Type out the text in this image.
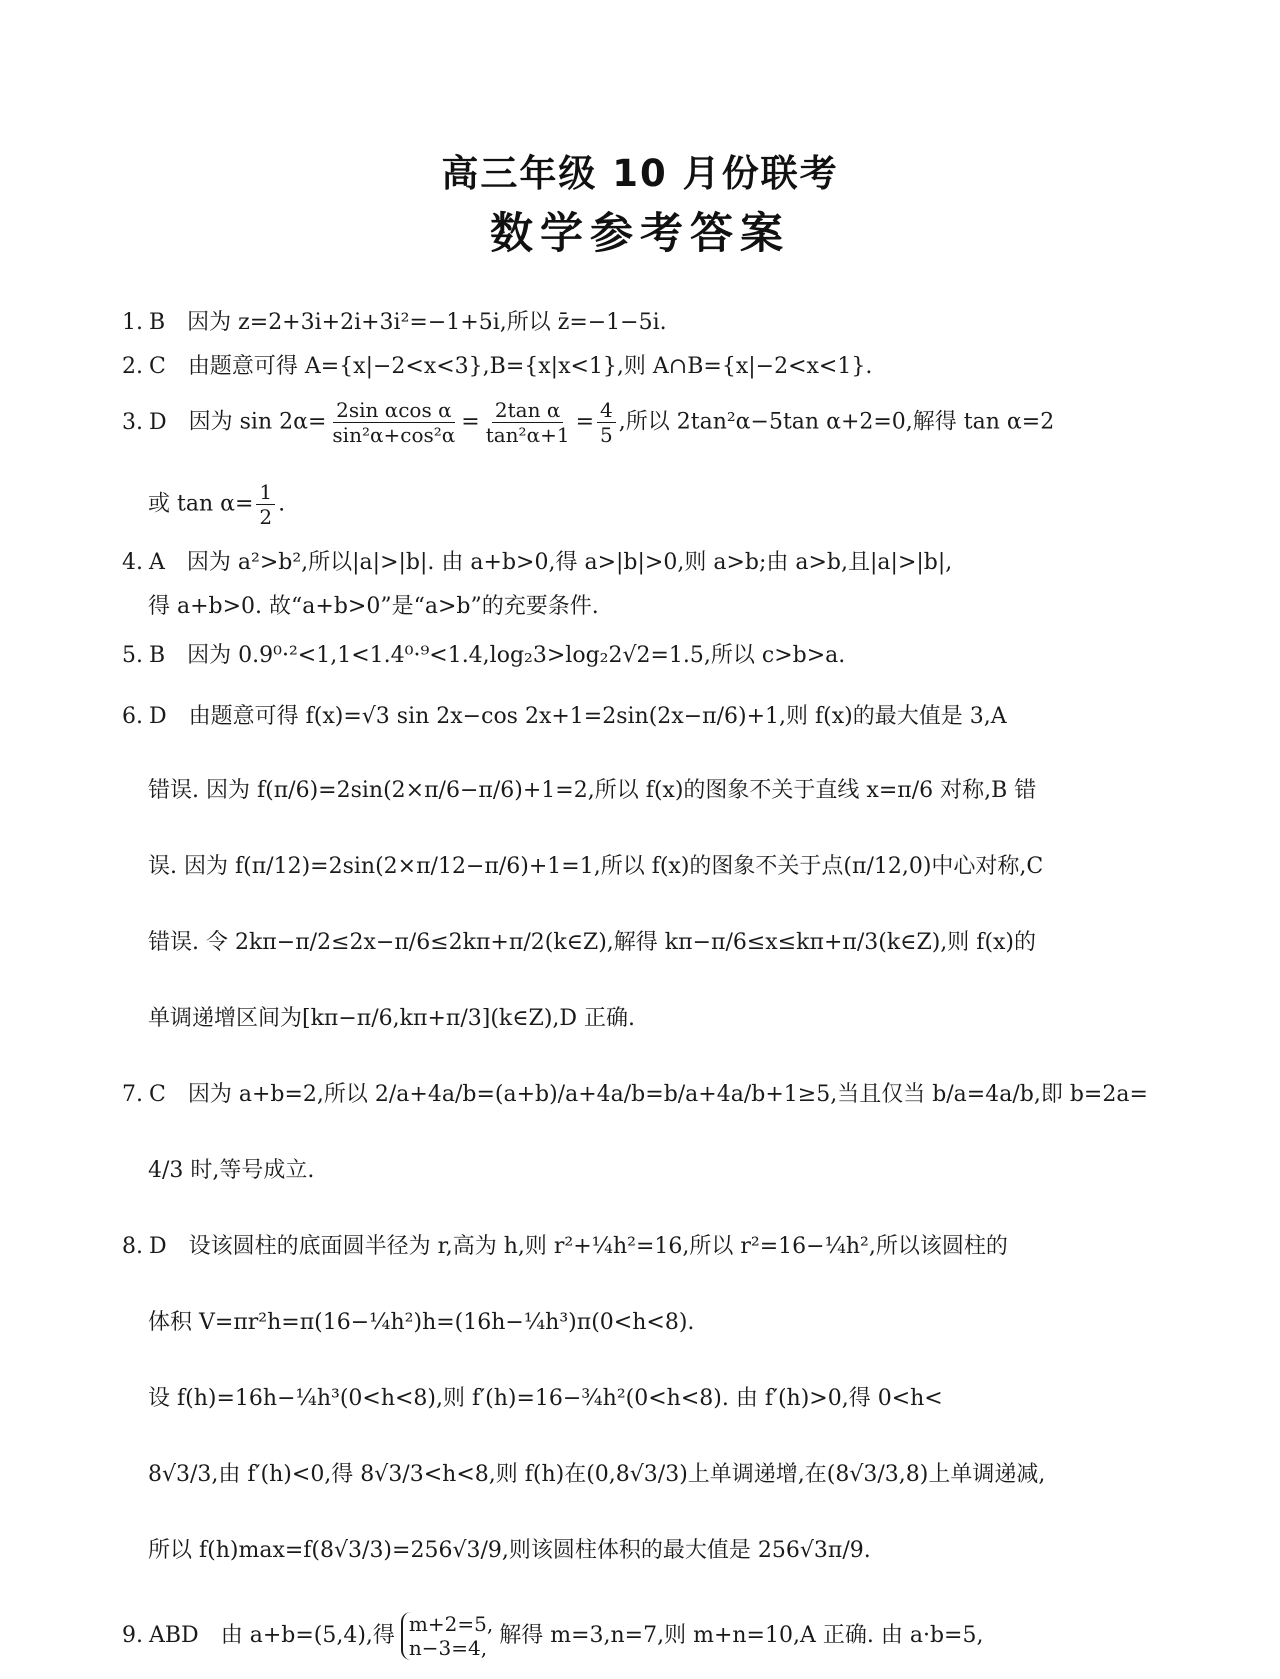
高三年级 10 月份联考
数学参考答案
1. B 因为 z=2+3i+2i+3i²=−1+5i,所以 z̄=−1−5i.
2. C 由题意可得 A={x|−2<x<3},B={x|x<1},则 A∩B={x|−2<x<1}.
3. D 因为 $\sin 2\alpha= \frac{\text{2sin αcos α}}{\text{sin²α+cos²α}} = \frac{\text{2tan α}}{\text{tan²α+1}} = \frac{4}{5}$ ,所以 2tan²α−5tan α+2=0,解得 tan α=2
或 $\tan \alpha= \frac{1}{2}$ .
4. A 因为 a²>b²,所以|a|>|b|. 由 a+b>0,得 a>|b|>0,则 a>b;由 a>b,且|a|>|b|,
得 a+b>0. 故“a+b>0”是“a>b”的充要条件.
5. B 因为 0.9⁰·²<1,1<1.4⁰·⁹<1.4,log₂3>log₂2√2=1.5,所以 c>b>a.
6. D 由题意可得 f(x)=√3 sin 2x−cos 2x+1=2sin(2x−π/6)+1,则 f(x)的最大值是 3,A
错误. 因为 f(π/6)=2sin(2×π/6−π/6)+1=2,所以 f(x)的图象不关于直线 x=π/6 对称,B 错
误. 因为 f(π/12)=2sin(2×π/12−π/6)+1=1,所以 f(x)的图象不关于点(π/12,0)中心对称,C
错误. 令 2kπ−π/2≤2x−π/6≤2kπ+π/2(k∈Z),解得 kπ−π/6≤x≤kπ+π/3(k∈Z),则 f(x)的
单调递增区间为[kπ−π/6,kπ+π/3](k∈Z),D 正确.
7. C 因为 a+b=2,所以 2/a+4a/b=(a+b)/a+4a/b=b/a+4a/b+1≥5,当且仅当 b/a=4a/b,即 b=2a=
4/3 时,等号成立.
8. D 设该圆柱的底面圆半径为 r,高为 h,则 r²+¼h²=16,所以 r²=16−¼h²,所以该圆柱的
体积 V=πr²h=π(16−¼h²)h=(16h−¼h³)π(0<h<8).
设 f(h)=16h−¼h³(0<h<8),则 f′(h)=16−¾h²(0<h<8). 由 f′(h)>0,得 0<h<
8√3/3,由 f′(h)<0,得 8√3/3<h<8,则 f(h)在(0,8√3/3)上单调递增,在(8√3/3,8)上单调递减,
所以 f(h)max=f(8√3/3)=256√3/9,则该圆柱体积的最大值是 256√3π/9.
9. ABD 由 a+b=(5,4),得 m+2=5,
n−3=4, 解得 m=3,n=7,则 m+n=10,A 正确. 由 a·b=5,
